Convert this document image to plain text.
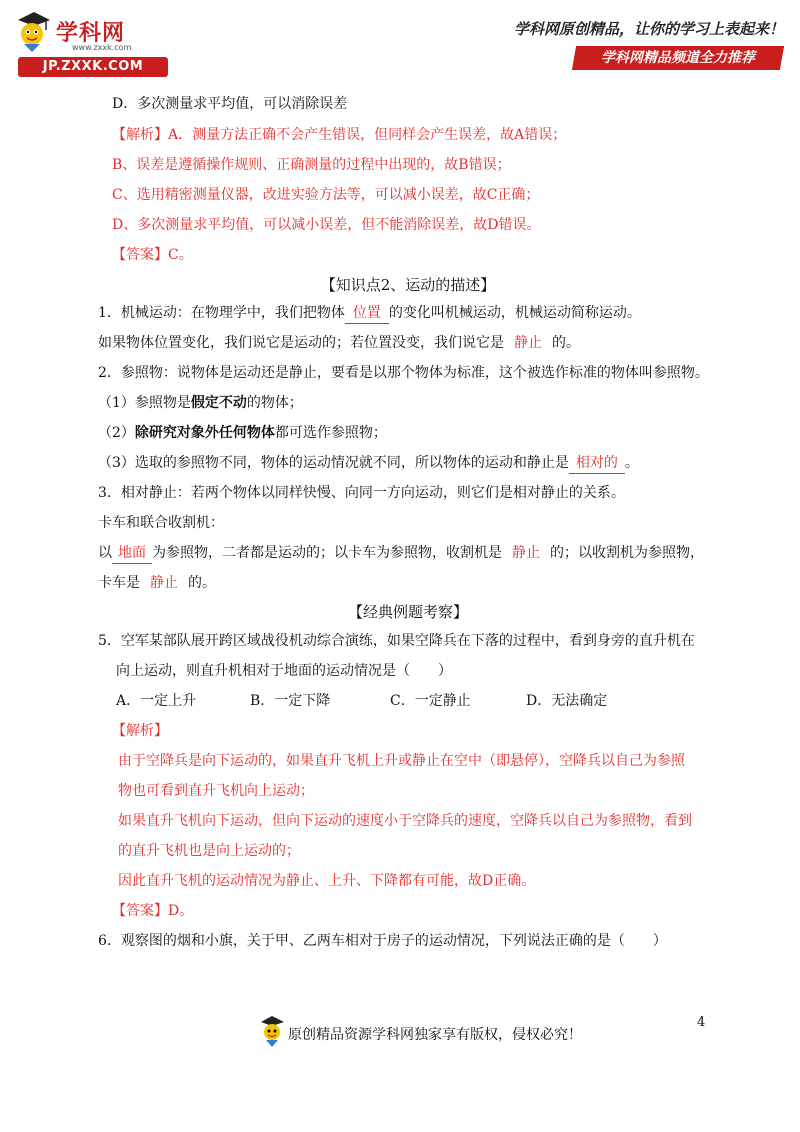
学科网
www.zxxk.com
JP.ZXXK.COM
学科网原创精品，让你的学习上表起来！
学科网精品频道全力推荐
D．多次测量求平均值，可以消除误差
【解析】A．测量方法正确不会产生错误，但同样会产生误差，故A错误；
B、误差是遵循操作规则、正确测量的过程中出现的，故B错误；
C、选用精密测量仪器，改进实验方法等，可以减小误差，故C正确；
D、多次测量求平均值，可以减小误差，但不能消除误差，故D错误。
【答案】C。
【知识点2、运动的描述】
1．机械运动：在物理学中，我们把物体 位置 的变化叫机械运动，机械运动简称运动。
如果物体位置变化，我们说它是运动的；若位置没变，我们说它是 静止 的。
2．参照物：说物体是运动还是静止，要看是以那个物体为标准，这个被选作标准的物体叫参照物。
（1）参照物是假定不动的物体；
（2）除研究对象外任何物体都可选作参照物；
（3）选取的参照物不同，物体的运动情况就不同，所以物体的运动和静止是 相对的 。
3．相对静止：若两个物体以同样快慢、向同一方向运动，则它们是相对静止的关系。
卡车和联合收割机：
以 地面 为参照物，二者都是运动的；以卡车为参照物，收割机是 静止 的；以收割机为参照物，
卡车是 静止 的。
【经典例题考察】
5．空军某部队展开跨区域战役机动综合演练，如果空降兵在下落的过程中，看到身旁的直升机在
向上运动，则直升机相对于地面的运动情况是（　　）
A．一定上升	B．一定下降	C．一定静止	D．无法确定
【解析】
由于空降兵是向下运动的，如果直升飞机上升或静止在空中（即悬停），空降兵以自己为参照
物也可看到直升飞机向上运动；
如果直升飞机向下运动，但向下运动的速度小于空降兵的速度，空降兵以自己为参照物，看到
的直升飞机也是向上运动的；
因此直升飞机的运动情况为静止、上升、下降都有可能，故D正确。
【答案】D。
6．观察图的烟和小旗，关于甲、乙两车相对于房子的运动情况，下列说法正确的是（　　）
原创精品资源学科网独家享有版权，侵权必究！
4
